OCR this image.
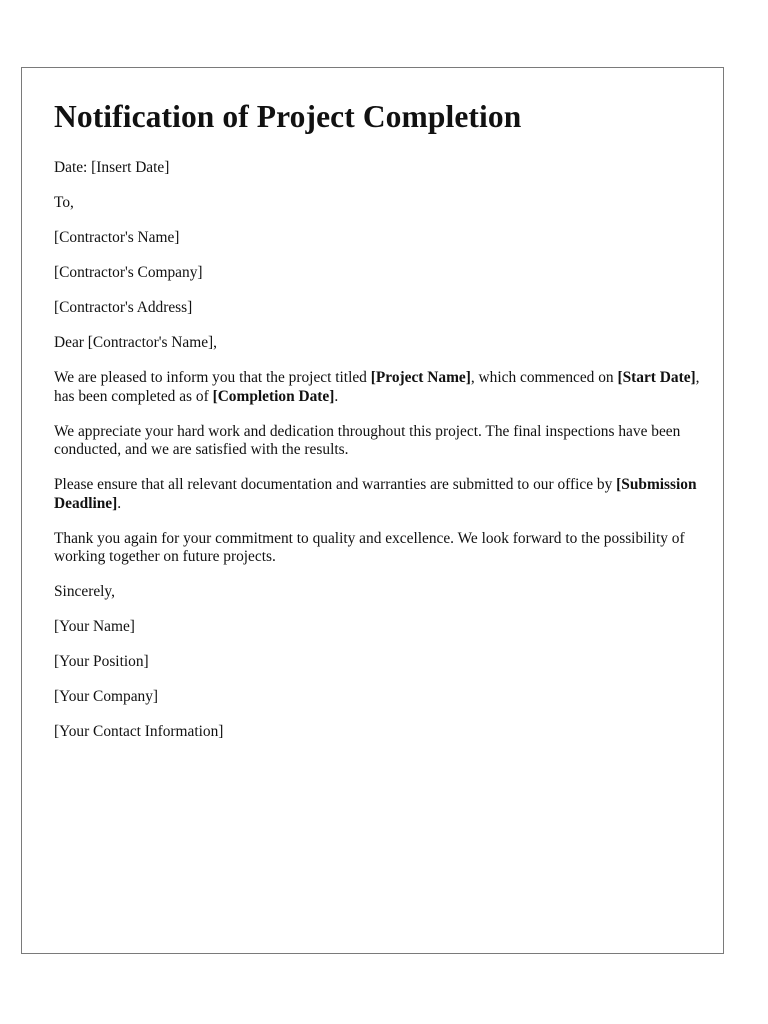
Notification of Project Completion

Date: [Insert Date]

To,

[Contractor's Name]

[Contractor's Company]

[Contractor's Address]

Dear [Contractor's Name],

We are pleased to inform you that the project titled [Project Name], which commenced on [Start Date], has been completed as of [Completion Date].

We appreciate your hard work and dedication throughout this project. The final inspections have been conducted, and we are satisfied with the results.

Please ensure that all relevant documentation and warranties are submitted to our office by [Submission Deadline].

Thank you again for your commitment to quality and excellence. We look forward to the possibility of working together on future projects.

Sincerely,

[Your Name]

[Your Position]

[Your Company]

[Your Contact Information]
